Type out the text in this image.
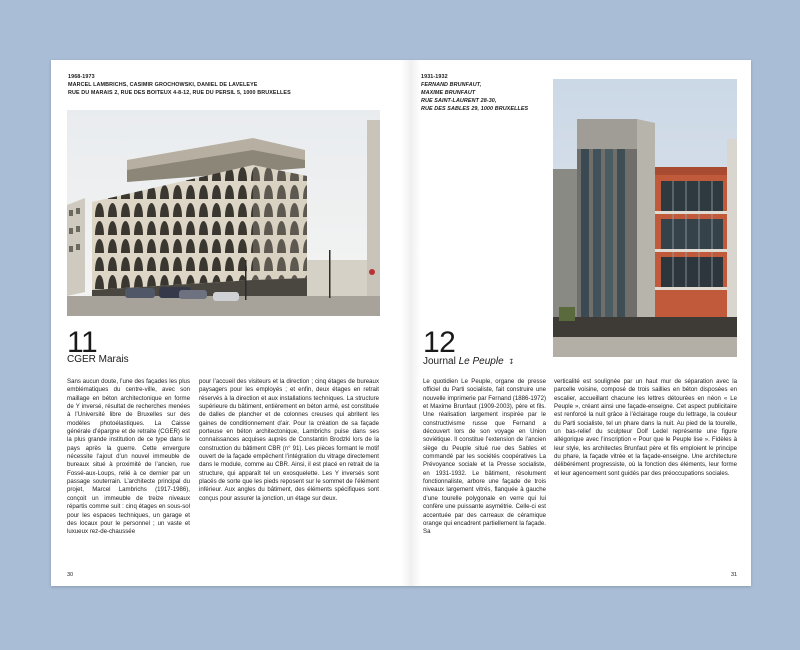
1968-1973
MARCEL LAMBRICHS, CASIMIR GROCHOWSKI, DANIEL DE LAVELEYE
RUE DU MARAIS 2, RUE DES BOITEUX 4-8-12, RUE DU PERSIL 5, 1000 BRUXELLES
11
CGER Marais

Sans aucun doute, l’une des façades les plus emblématiques du centre-ville, avec son maillage en béton architectonique en forme de Y inversé, résultat de recherches menées à l’Université libre de Bruxelles sur des modèles photoélastiques. La Caisse générale d’épargne et de retraite (CGER) est la plus grande institution de ce type dans le pays après la guerre. Cette envergure nécessite l’ajout d’un nouvel immeuble de bureaux situé à proximité de l’ancien, rue Fossé-aux-Loups, relié à ce dernier par un passage souterrain. L’architecte principal du projet, Marcel Lambrichs (1917-1986), conçoit un immeuble de treize niveaux répartis comme suit : cinq étages en sous-sol pour les espaces techniques, un garage et des locaux pour le personnel ; un vaste et luxueux rez-de-chaussée

pour l’accueil des visiteurs et la direction ; cinq étages de bureaux paysagers pour les employés ; et enfin, deux étages en retrait réservés à la direction et aux installations techniques. La structure supérieure du bâtiment, entièrement en béton armé, est constituée de dalles de plancher et de colonnes creuses qui abritent les gaines de conditionnement d’air. Pour la création de sa façade porteuse en béton architectonique, Lambrichs puise dans ses connaissances acquises auprès de Constantin Brodzki lors de la construction du bâtiment CBR (n° 91). Les pièces formant le motif ouvert de la façade empêchent l’intégration du vitrage directement dans le module, comme au CBR. Ainsi, il est placé en retrait de la structure, qui apparaît tel un exosquelette. Les Y inversés sont placés de sorte que les pieds reposent sur le sommet de l’élément inférieur. Aux angles du bâtiment, des éléments spécifiques sont conçus pour assurer la jonction, un étage sur deux.

30
1931-1932
FERNAND BRUNFAUT,
MAXIME BRUNFAUT
RUE SAINT-LAURENT 28-30,
RUE DES SABLES 29, 1000 BRUXELLES
12
Journal Le Peuple ↧

Le quotidien Le Peuple, organe de presse officiel du Parti socialiste, fait construire une nouvelle imprimerie par Fernand (1886-1972) et Maxime Brunfaut (1909-2003), père et fils. Une réalisation largement inspirée par le constructivisme russe que Fernand a découvert lors de son voyage en Union soviétique. Il constitue l’extension de l’ancien siège du Peuple situé rue des Sables et commandé par les sociétés coopératives La Prévoyance sociale et la Presse socialiste, en 1931-1932. Le bâtiment, résolument fonctionnaliste, arbore une façade de trois niveaux largement vitrés, flanquée à gauche d’une tourelle polygonale en verre qui lui confère une puissante asymétrie. Celle-ci est accentuée par des carreaux de céramique orange qui encadrent partiellement la façade. Sa

verticalité est soulignée par un haut mur de séparation avec la parcelle voisine, composé de trois saillies en béton disposées en escalier, accueillant chacune les lettres détourées en néon « Le Peuple », créant ainsi une façade-enseigne. Cet aspect publicitaire est renforcé la nuit grâce à l’éclairage rouge du lettrage, la couleur du Parti socialiste, tel un phare dans la nuit. Au pied de la tourelle, un bas-relief du sculpteur Dolf Ledel représente une figure allégorique avec l’inscription « Pour que le Peuple lise ». Fidèles à leur style, les architectes Brunfaut père et fils emploient le principe du phare, la façade vitrée et la façade-enseigne. Une architecture délibérément progressiste, où la fonction des éléments, leur forme et leur agencement sont guidés par des préoccupations sociales.

31
